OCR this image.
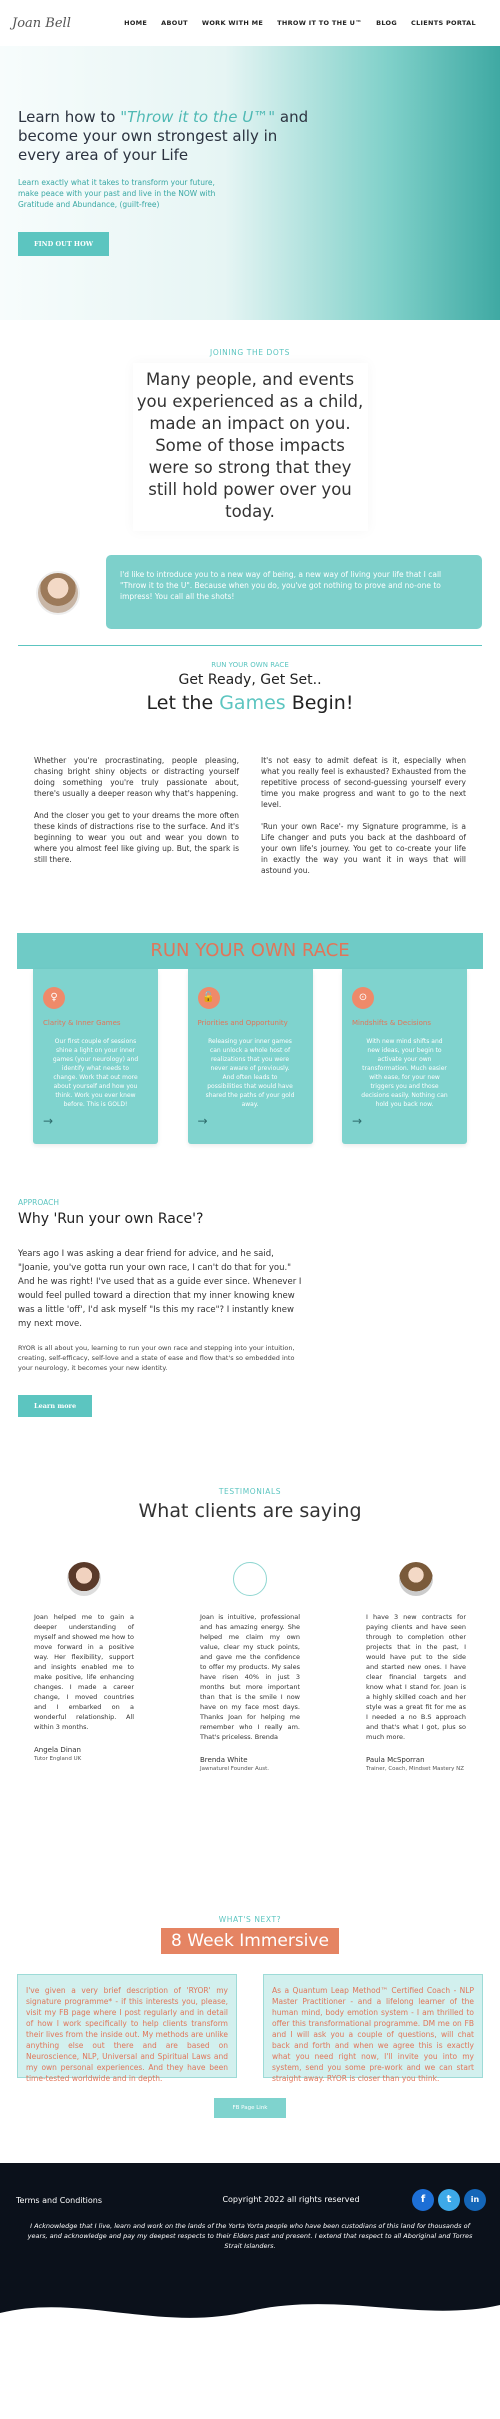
Joan Bell	HOME ABOUT WORK WITH ME THROW IT TO THE U™ BLOG CLIENTS PORTAL
Learn how to "Throw it to the U™" and become your own strongest ally in every area of your Life

Learn exactly what it takes to transform your future, make peace with your past and live in the NOW with Gratitude and Abundance, (guilt-free)

FIND OUT HOW
JOINING THE DOTS
Many people, and events you experienced as a child, made an impact on you. Some of those impacts were so strong that they still hold power over you today.
I'd like to introduce you to a new way of being, a new way of living your life that I call "Throw it to the U". Because when you do, you've got nothing to prove and no-one to impress! You call all the shots!
RUN YOUR OWN RACE
Get Ready, Get Set..
Let the Games Begin!

Whether you're procrastinating, people pleasing, chasing bright shiny objects or distracting yourself doing something you're truly passionate about, there's usually a deeper reason why that's happening.

And the closer you get to your dreams the more often these kinds of distractions rise to the surface. And it's beginning to wear you out and wear you down to where you almost feel like giving up. But, the spark is still there.

It's not easy to admit defeat is it, especially when what you really feel is exhausted? Exhausted from the repetitive process of second-guessing yourself every time you make progress and want to go to the next level.

'Run your own Race'- my Signature programme, is a Life changer and puts you back at the dashboard of your own life's journey. You get to co-create your life in exactly the way you want it in ways that will astound you.

RUN YOUR OWN RACE
♀
Clarity & Inner Games

Our first couple of sessions shine a light on your inner games (your neurology) and identify what needs to change. Work that out more about yourself and how you think. Work you ever knew before. This is GOLD!

→
🔓
Priorities and Opportunity

Releasing your inner games can unlock a whole host of realizations that you were never aware of previously. And often leads to possibilities that would have shared the paths of your gold away.

→
⊙
Mindshifts & Decisions

With new mind shifts and new ideas, your begin to activate your own transformation. Much easier with ease, for your new triggers you and those decisions easily. Nothing can hold you back now.

→
APPROACH
Why 'Run your own Race'?

Years ago I was asking a dear friend for advice, and he said, "Joanie, you've gotta run your own race, I can't do that for you." And he was right! I've used that as a guide ever since. Whenever I would feel pulled toward a direction that my inner knowing knew was a little 'off', I'd ask myself "Is this my race"? I instantly knew my next move.

RYOR is all about you, learning to run your own race and stepping into your intuition, creating, self-efficacy, self-love and a state of ease and flow that's so embedded into your neurology, it becomes your new identity.

Learn more
TESTIMONIALS
What clients are saying

Joan helped me to gain a deeper understanding of myself and showed me how to move forward in a positive way. Her flexibility, support and insights enabled me to make positive, life enhancing changes. I made a career change, I moved countries and I embarked on a wonderful relationship. All within 3 months.

Angela Dinan
Tutor England UK

Joan is intuitive, professional and has amazing energy. She helped me claim my own value, clear my stuck points, and gave me the confidence to offer my products. My sales have risen 40% in just 3 months but more important than that is the smile I now have on my face most days. Thanks Joan for helping me remember who I really am. That's priceless. Brenda

Brenda White
Jawnaturel Founder Aust.

I have 3 new contracts for paying clients and have seen through to completion other projects that in the past, I would have put to the side and started new ones. I have clear financial targets and know what I stand for. Joan is a highly skilled coach and her style was a great fit for me as I needed a no B.S approach and that's what I got, plus so much more.

Paula McSporran
Trainer, Coach, Mindset Mastery NZ
WHAT'S NEXT?
8 Week Immersive
I've given a very brief description of 'RYOR' my signature programme* - if this interests you, please, visit my FB page where I post regularly and in detail of how I work specifically to help clients transform their lives from the inside out. My methods are unlike anything else out there and are based on Neuroscience, NLP, Universal and Spiritual Laws and my own personal experiences. And they have been time-tested worldwide and in depth.
As a Quantum Leap Method™ Certified Coach - NLP Master Practitioner - and a lifelong learner of the human mind, body emotion system - I am thrilled to offer this transformational programme. DM me on FB and I will ask you a couple of questions, will chat back and forth and when we agree this is exactly what you need right now, I'll invite you into my system, send you some pre-work and we can start straight away. RYOR is closer than you think.
FB Page Link
Terms and Conditions	Copyright 2022 all rights reserved	f	t	in
I Acknowledge that I live, learn and work on the lands of the Yorta Yorta people who have been custodians of this land for thousands of years, and acknowledge and pay my deepest respects to their Elders past and present. I extend that respect to all Aboriginal and Torres Strait Islanders.
